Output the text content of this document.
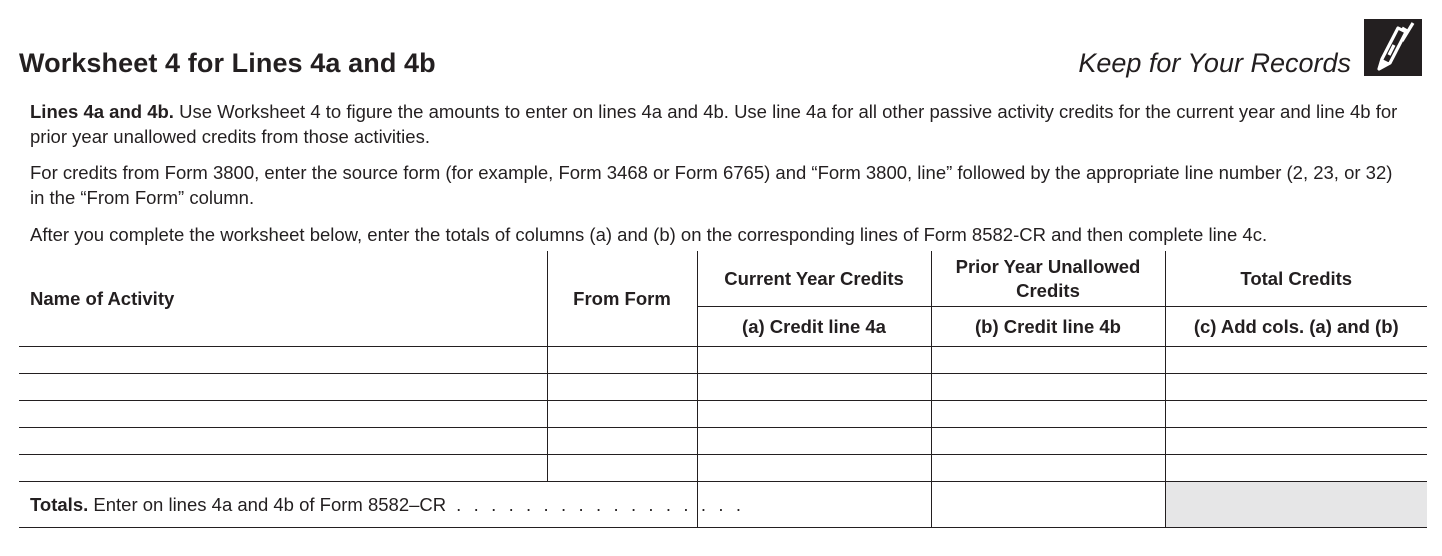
Worksheet 4 for Lines 4a and 4b	Keep for Your Records
Lines 4a and 4b. Use Worksheet 4 to figure the amounts to enter on lines 4a and 4b. Use line 4a for all other passive activity credits for the current year and line 4b for prior year unallowed credits from those activities.
For credits from Form 3800, enter the source form (for example, Form 3468 or Form 6765) and “Form 3800, line” followed by the appropriate line number (2, 23, or 32) in the “From Form” column.
After you complete the worksheet below, enter the totals of columns (a) and (b) on the corresponding lines of Form 8582-CR and then complete line 4c.
Name of Activity	From Form	Current Year Credits	Prior Year Unallowed Credits	Total Credits
		(a) Credit line 4a	(b) Credit line 4b	(c) Add cols. (a) and (b)

Totals. Enter on lines 4a and 4b of Form 8582–CR . . . . . . . . . . . . . . . . .				
